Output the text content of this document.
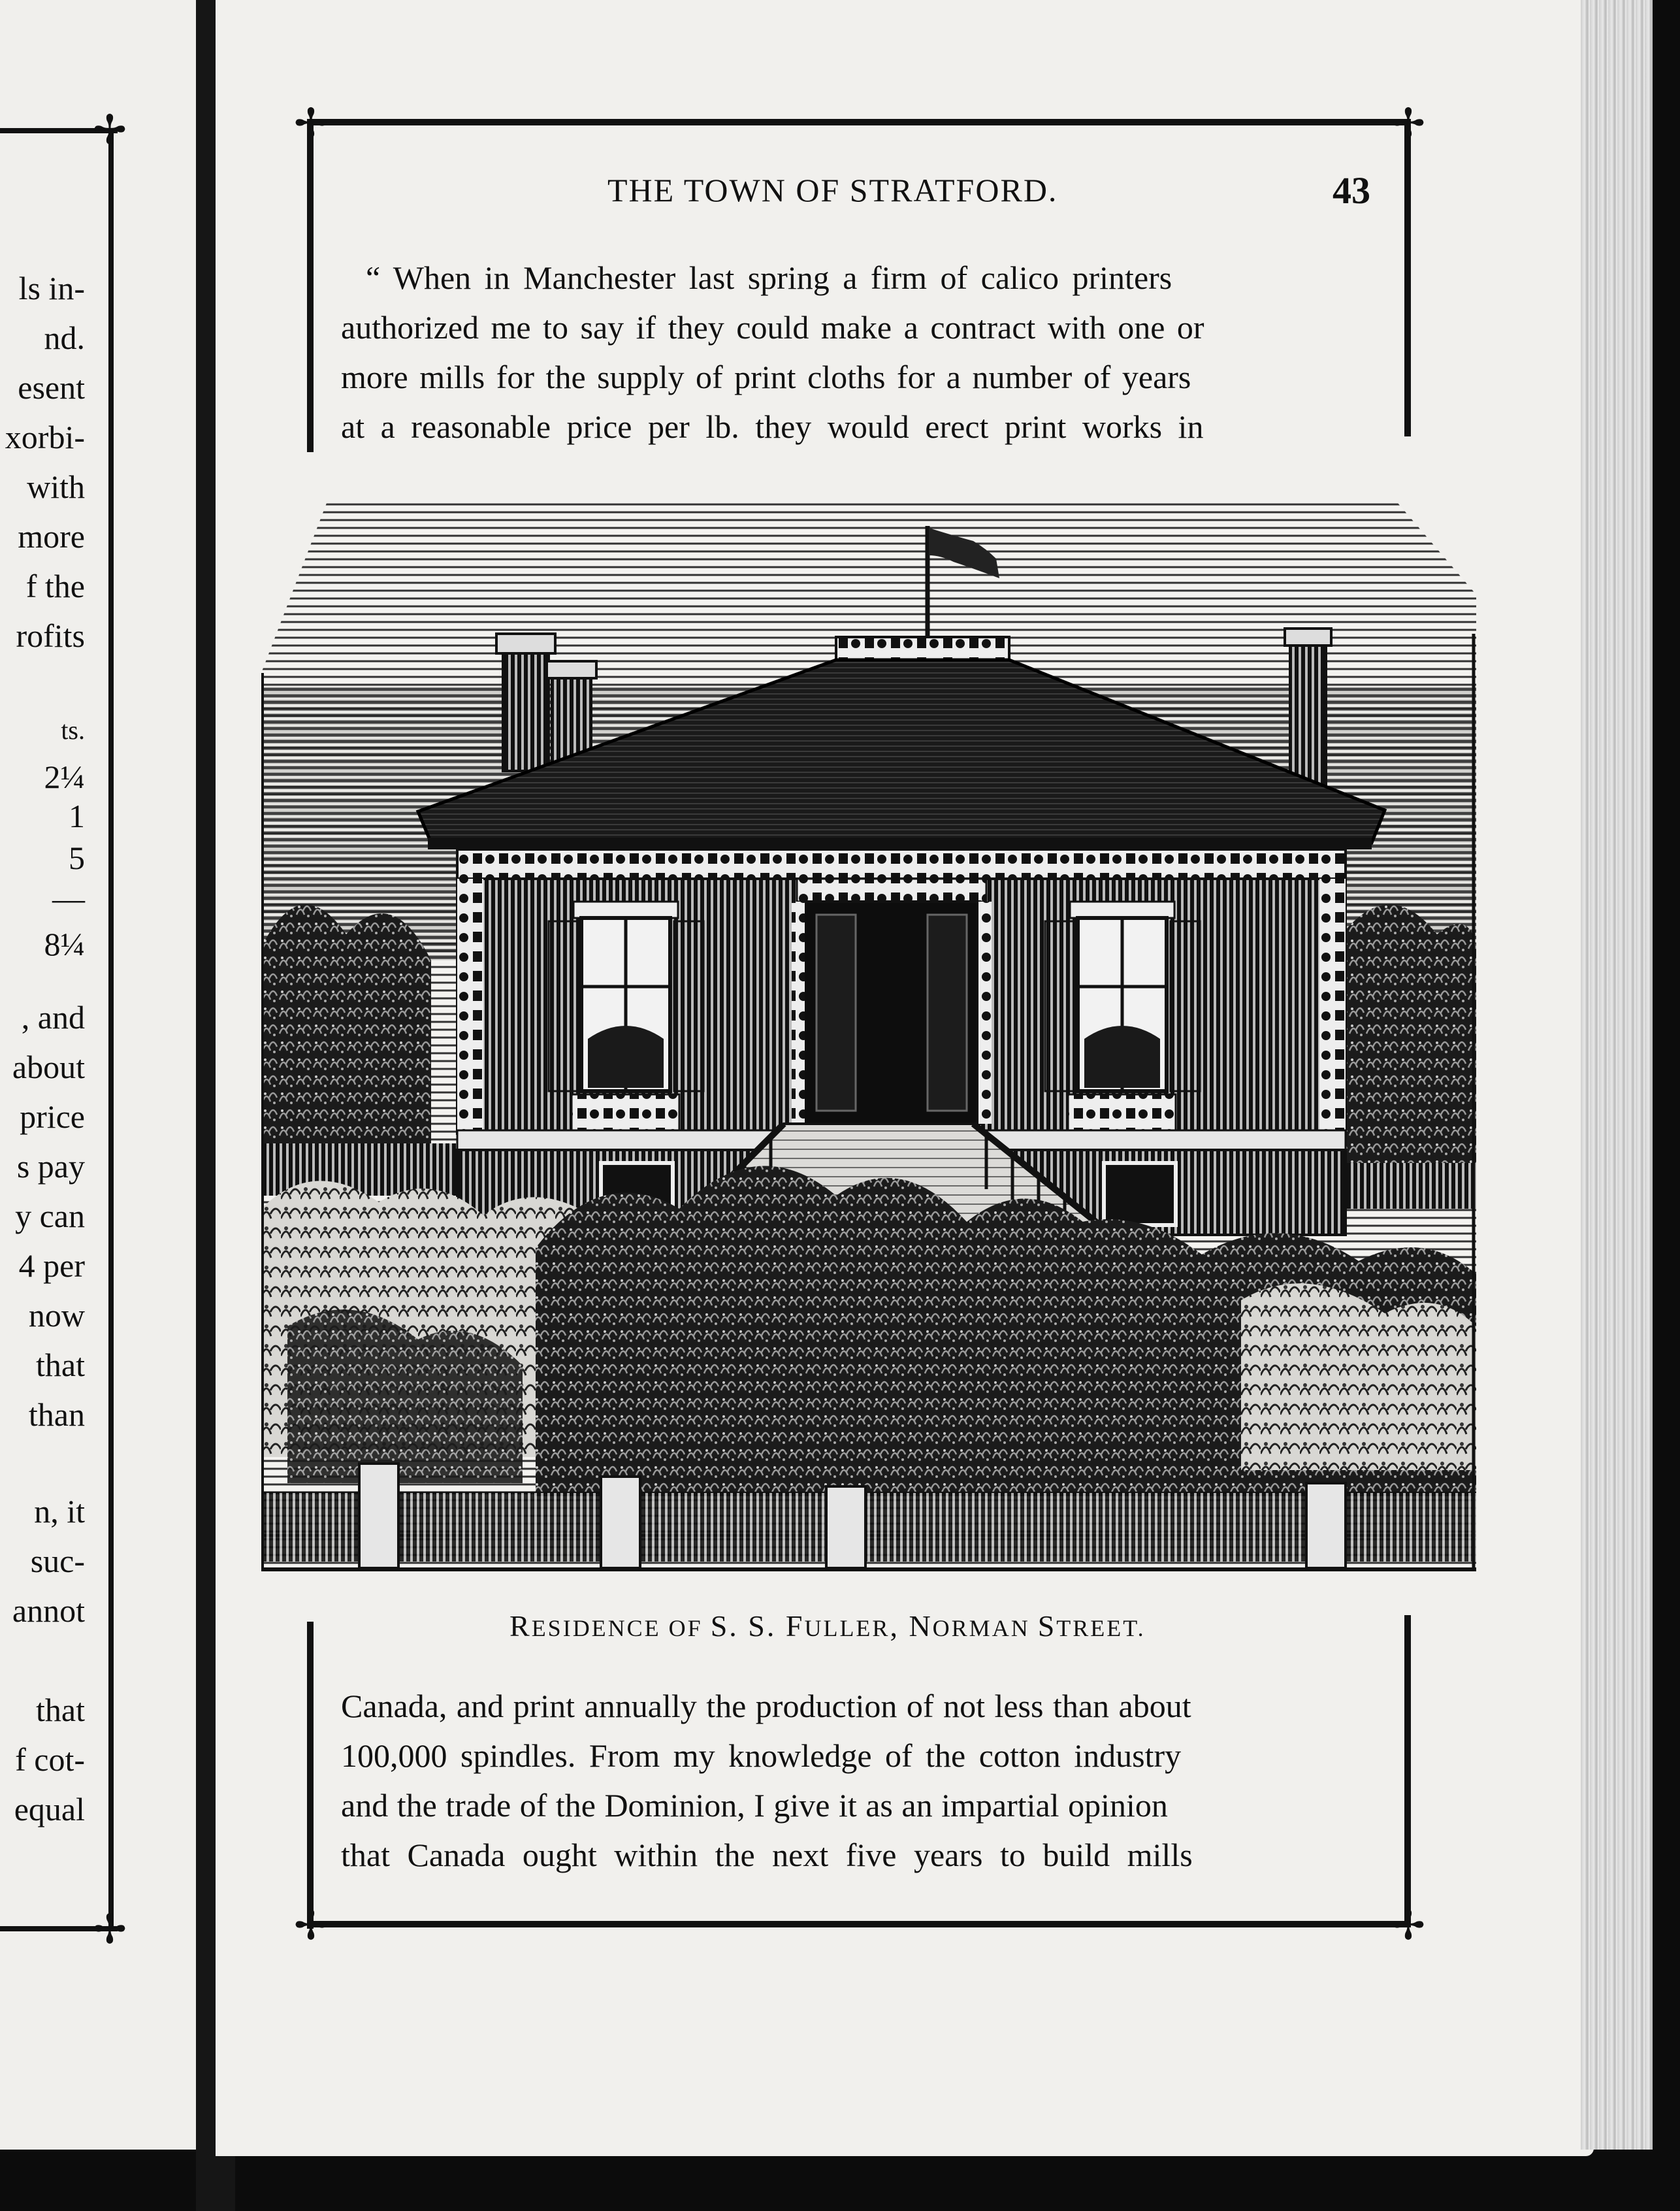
✢
✢
ls in-
nd.
esent
xorbi-
with
more
f the
rofits
ts.
2¼
1
5
—
8¼
, and
about
price
s pay
y can
4 per
now
that
than
n, it
suc-
annot
that
f cot-
equal
✢	✢
THE TOWN OF STRATFORD.	43
“ When in Manchester last spring a firm of calico printers
authorized me to say if they could make a contract with one or
more mills for the supply of print cloths for a number of years
at a reasonable price per lb. they would erect print works in
RESIDENCE OF S. S. FULLER, NORMAN STREET.
✢	✢
Canada, and print annually the production of not less than about
100,000 spindles. From my knowledge of the cotton industry
and the trade of the Dominion, I give it as an impartial opinion
that Canada ought within the next five years to build mills
